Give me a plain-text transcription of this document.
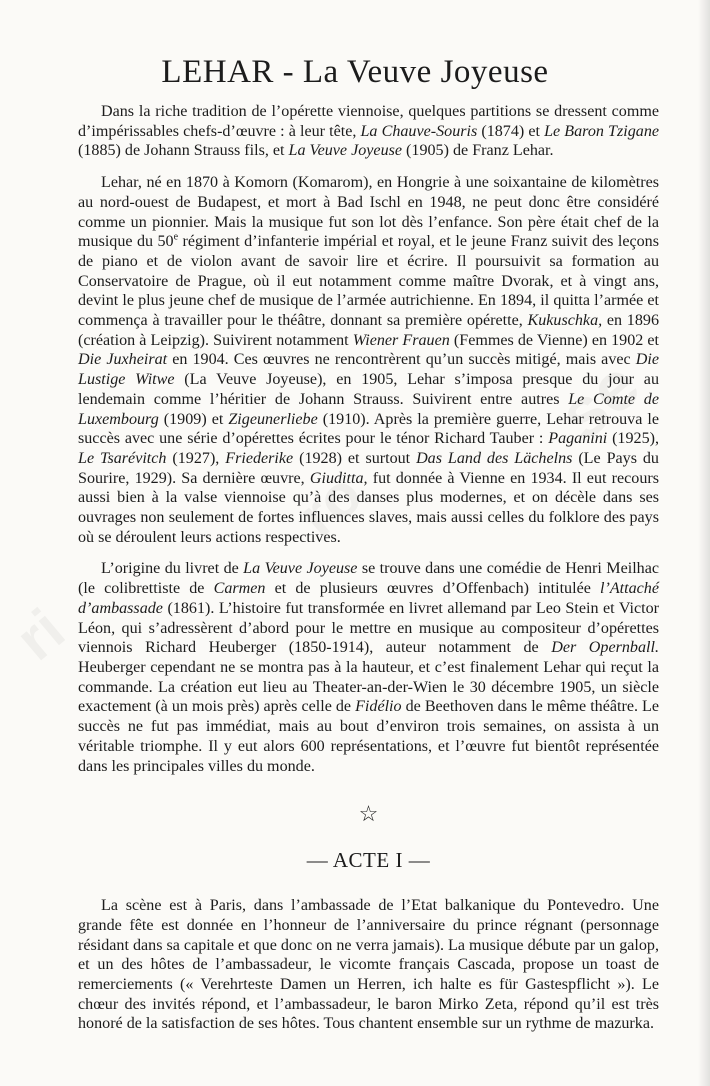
LEHAR - La Veuve Joyeuse

Dans la riche tradition de l’opérette viennoise, quelques partitions se dressent comme d’impérissables chefs-d’œuvre : à leur tête, La Chauve-Souris (1874) et Le Baron Tzigane (1885) de Johann Strauss fils, et La Veuve Joyeuse (1905) de Franz Lehar.

Lehar, né en 1870 à Komorn (Komarom), en Hongrie à une soixantaine de kilomètres au nord-ouest de Budapest, et mort à Bad Ischl en 1948, ne peut donc être considéré comme un pionnier. Mais la musique fut son lot dès l’enfance. Son père était chef de la musique du 50e régiment d’infanterie impérial et royal, et le jeune Franz suivit des leçons de piano et de violon avant de savoir lire et écrire. Il poursuivit sa formation au Conservatoire de Prague, où il eut notamment comme maître Dvorak, et à vingt ans, devint le plus jeune chef de musique de l’armée autrichienne. En 1894, il quitta l’armée et commença à travailler pour le théâtre, donnant sa première opérette, Kukuschka, en 1896 (création à Leipzig). Suivirent notamment Wiener Frauen (Femmes de Vienne) en 1902 et Die Juxheirat en 1904. Ces œuvres ne rencontrèrent qu’un succès mitigé, mais avec Die Lustige Witwe (La Veuve Joyeuse), en 1905, Lehar s’imposa presque du jour au lendemain comme l’héritier de Johann Strauss. Suivirent entre autres Le Comte de Luxembourg (1909) et Zigeunerliebe (1910). Après la première guerre, Lehar retrouva le succès avec une série d’opérettes écrites pour le ténor Richard Tauber : Paganini (1925), Le Tsarévitch (1927), Friederike (1928) et surtout Das Land des Lächelns (Le Pays du Sourire, 1929). Sa dernière œuvre, Giuditta, fut donnée à Vienne en 1934. Il eut recours aussi bien à la valse viennoise qu’à des danses plus modernes, et on décèle dans ses ouvrages non seulement de fortes influences slaves, mais aussi celles du folklore des pays où se déroulent leurs actions respectives.

L’origine du livret de La Veuve Joyeuse se trouve dans une comédie de Henri Meilhac (le colibrettiste de Carmen et de plusieurs œuvres d’Offenbach) intitulée l’Attaché d’ambassade (1861). L’histoire fut transformée en livret allemand par Leo Stein et Victor Léon, qui s’adressèrent d’abord pour le mettre en musique au compositeur d’opérettes viennois Richard Heuberger (1850-1914), auteur notamment de Der Opernball. Heuberger cependant ne se montra pas à la hauteur, et c’est finalement Lehar qui reçut la commande. La création eut lieu au Theater-an-der-Wien le 30 décembre 1905, un siècle exactement (à un mois près) après celle de Fidélio de Beethoven dans le même théâtre. Le succès ne fut pas immédiat, mais au bout d’environ trois semaines, on assista à un véritable triomphe. Il y eut alors 600 représentations, et l’œuvre fut bientôt représentée dans les principales villes du monde.

☆
— ACTE I —

La scène est à Paris, dans l’ambassade de l’Etat balkanique du Pontevedro. Une grande fête est donnée en l’honneur de l’anniversaire du prince régnant (personnage résidant dans sa capitale et que donc on ne verra jamais). La musique débute par un galop, et un des hôtes de l’ambassadeur, le vicomte français Cascada, propose un toast de remerciements (« Verehrteste Damen un Herren, ich halte es für Gastespflicht »). Le chœur des invités répond, et l’ambassadeur, le baron Mirko Zeta, répond qu’il est très honoré de la satisfaction de ses hôtes. Tous chantent ensemble sur un rythme de mazurka.
